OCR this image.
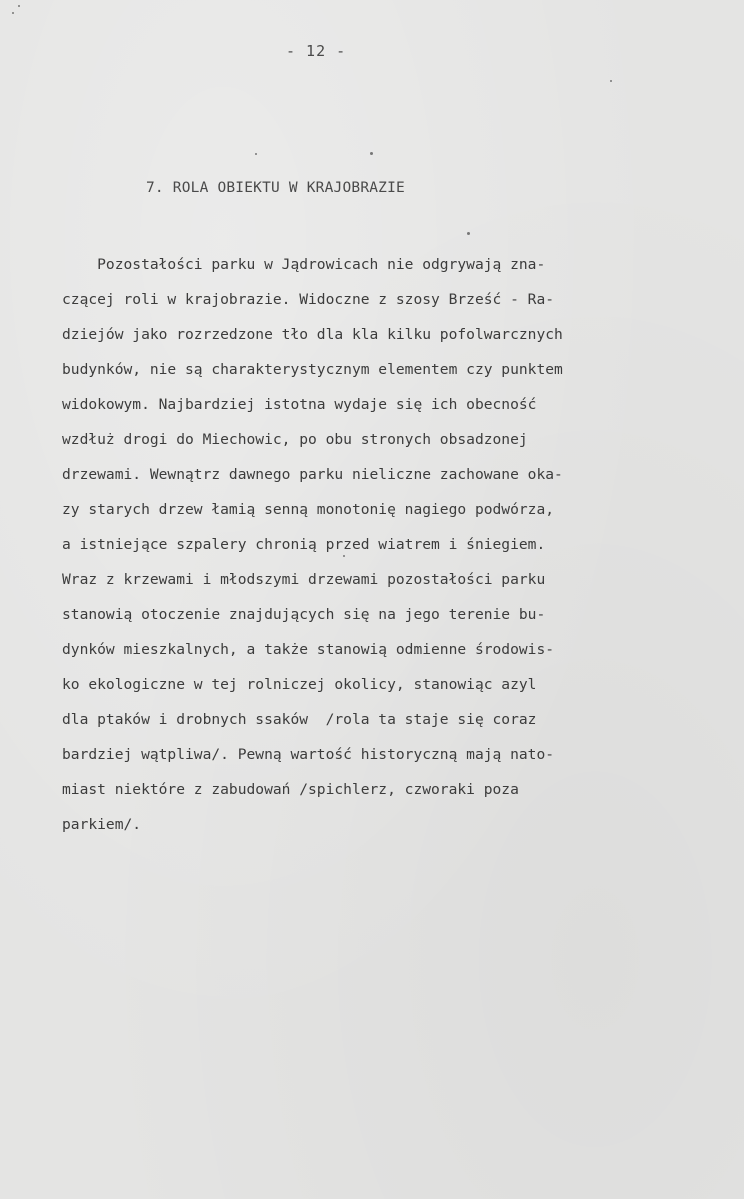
- 12 -
7. ROLA OBIEKTU W KRAJOBRAZIE
Pozostałości parku w Jądrowicach nie odgrywają zna-
czącej roli w krajobrazie. Widoczne z szosy Brześć - Ra-
dziejów jako rozrzedzone tło dla kla kilku pofolwarcznych
budynków, nie są charakterystycznym elementem czy punktem
widokowym. Najbardziej istotna wydaje się ich obecność
wzdłuż drogi do Miechowic, po obu stronych obsadzonej
drzewami. Wewnątrz dawnego parku nieliczne zachowane oka-
zy starych drzew łamią senną monotonię nagiego podwórza,
a istniejące szpalery chronią przed wiatrem i śniegiem.
Wraz z krzewami i młodszymi drzewami pozostałości parku
stanowią otoczenie znajdujących się na jego terenie bu-
dynków mieszkalnych, a także stanowią odmienne środowis-
ko ekologiczne w tej rolniczej okolicy, stanowiąc azyl
dla ptaków i drobnych ssaków  /rola ta staje się coraz
bardziej wątpliwa/. Pewną wartość historyczną mają nato-
miast niektóre z zabudowań /spichlerz, czworaki poza
parkiem/.
